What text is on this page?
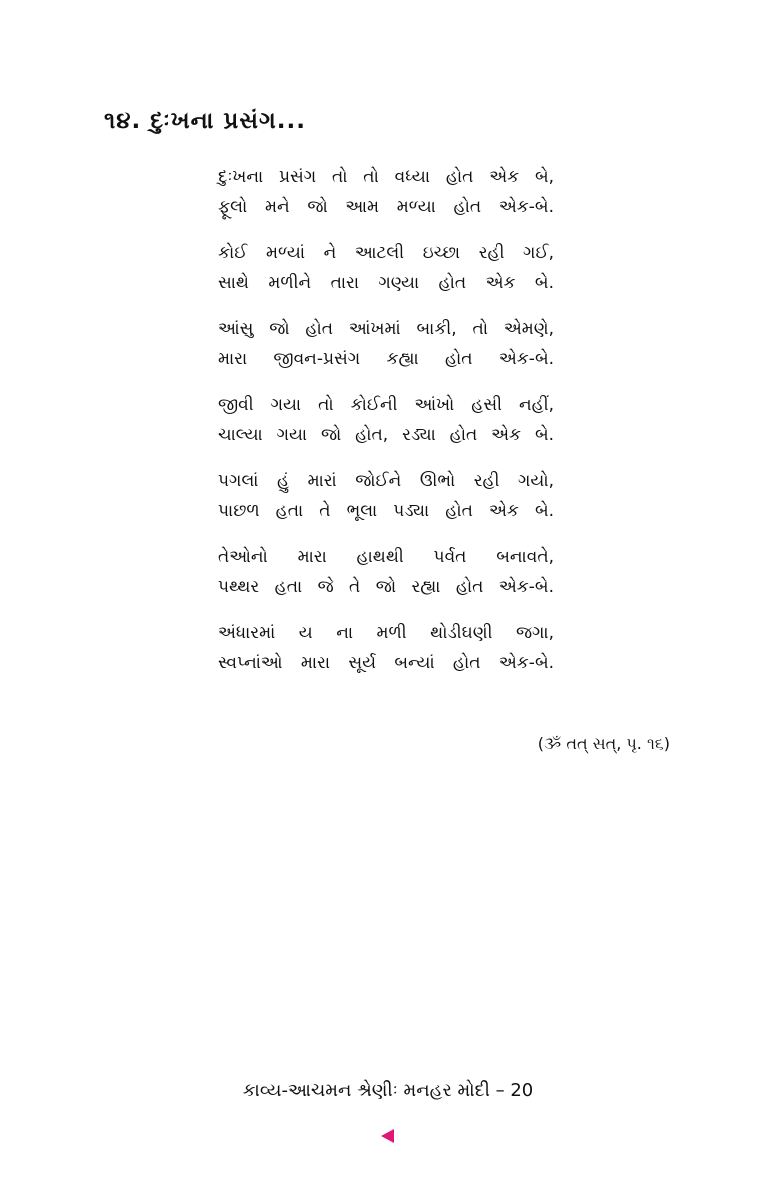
૧૪. દુઃખના પ્રસંગ...
દુઃખના પ્રસંગ તો તો વધ્યા હોત એક બે,
ફૂલો મને જો આમ મળ્યા હોત એક-બે.
કોઈ મળ્યાં ને આટલી ઇચ્છા રહી ગઈ,
સાથે મળીને તારા ગણ્યા હોત એક બે.
આંસુ જો હોત આંખમાં બાકી, તો એમણે,
મારા જીવન-પ્રસંગ કહ્યા હોત એક-બે.
જીવી ગયા તો કોઈની આંખો હસી નહીં,
ચાલ્યા ગયા જો હોત, રડ્યા હોત એક બે.
પગલાં હું મારાં જોઈને ઊભો રહી ગયો,
પાછળ હતા તે ભૂલા પડ્યા હોત એક બે.
તેઓનો મારા હાથથી પર્વત બનાવતે,
પથ્થર હતા જે તે જો રહ્યા હોત એક-બે.
અંધારમાં ય ના મળી થોડીઘણી જગા,
સ્વપ્નાંઓ મારા સૂર્ય બન્યાં હોત એક-બે.
(ૐ તત્ સત્, પૃ. ૧૬)
કાવ્ય-આચમન શ્રેણીઃ મનહર મોદી – 20
